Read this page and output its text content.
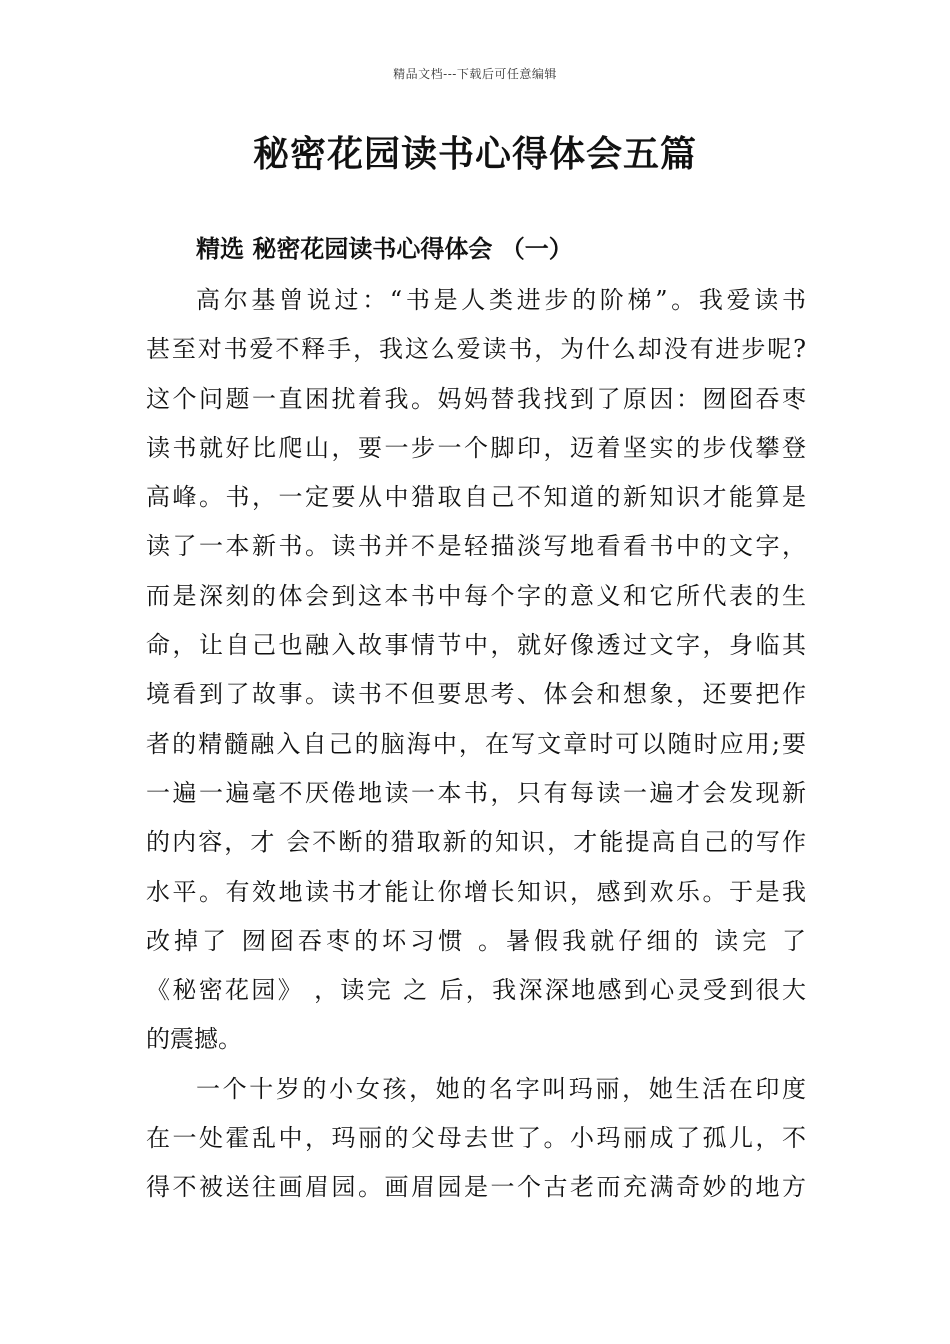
精品文档---下载后可任意编辑
秘密花园读书心得体会五篇
精选 秘密花园读书心得体会 （一）
高尔基曾说过：“书是人类进步的阶梯”。我爱读书
甚至对书爱不释手，我这么爱读书，为什么却没有进步呢?
这个问题一直困扰着我。妈妈替我找到了原因：囫囵吞枣
读书就好比爬山，要一步一个脚印，迈着坚实的步伐攀登
高峰。书，一定要从中猎取自己不知道的新知识才能算是
读了一本新书。读书并不是轻描淡写地看看书中的文字，
而是深刻的体会到这本书中每个字的意义和它所代表的生
命，让自己也融入故事情节中，就好像透过文字，身临其
境看到了故事。读书不但要思考、体会和想象，还要把作
者的精髓融入自己的脑海中，在写文章时可以随时应用;要
一遍一遍毫不厌倦地读一本书，只有每读一遍才会发现新
的内容，才 会不断的猎取新的知识，才能提高自己的写作
水平。有效地读书才能让你增长知识，感到欢乐。于是我
改掉了 囫囵吞枣的坏习惯 。暑假我就仔细的 读完 了
《秘密花园》 ，读完 之 后，我深深地感到心灵受到很大
的震撼。
一个十岁的小女孩，她的名字叫玛丽，她生活在印度
在一处霍乱中，玛丽的父母去世了。小玛丽成了孤儿，不
得不被送往画眉园。画眉园是一个古老而充满奇妙的地方
